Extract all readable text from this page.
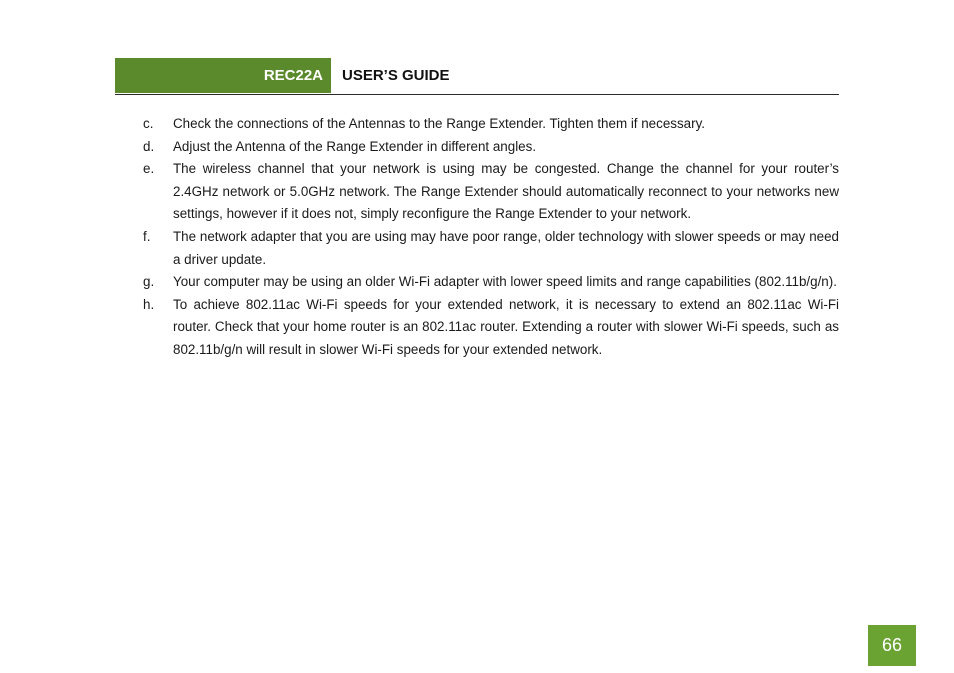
REC22A	USER’S GUIDE
c. Check the connections of the Antennas to the Range Extender. Tighten them if necessary.
d. Adjust the Antenna of the Range Extender in different angles.
e. The wireless channel that your network is using may be congested. Change the channel for your router’s 2.4GHz network or 5.0GHz network. The Range Extender should automatically reconnect to your networks new settings, however if it does not, simply reconfigure the Range Extender to your network.
f. The network adapter that you are using may have poor range, older technology with slower speeds or may need a driver update.
g. Your computer may be using an older Wi-Fi adapter with lower speed limits and range capabilities (802.11b/g/n).
h. To achieve 802.11ac Wi-Fi speeds for your extended network, it is necessary to extend an 802.11ac Wi-Fi router. Check that your home router is an 802.11ac router. Extending a router with slower Wi-Fi speeds, such as 802.11b/g/n will result in slower Wi-Fi speeds for your extended network.
66
